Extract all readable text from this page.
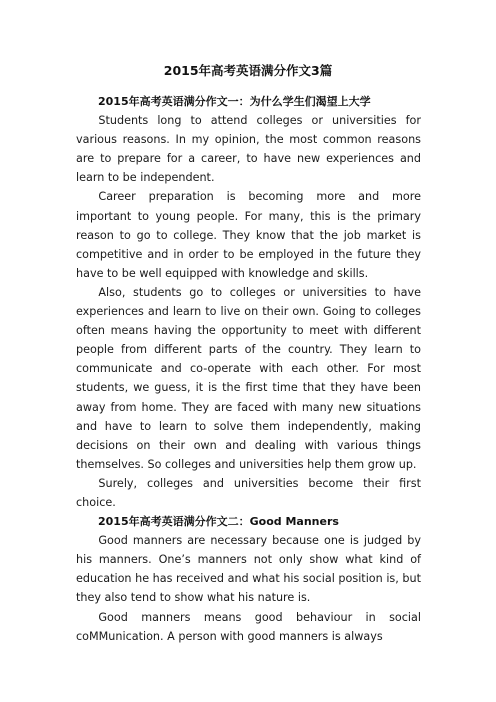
2015年高考英语满分作文3篇

2015年高考英语满分作文一：为什么学生们渴望上大学

Students long to attend colleges or universities for various reasons. In my opinion, the most common reasons are to prepare for a career, to have new experiences and learn to be independent.

Career preparation is becoming more and more important to young people. For many, this is the primary reason to go to college. They know that the job market is competitive and in order to be employed in the future they have to be well equipped with knowledge and skills.

Also, students go to colleges or universities to have experiences and learn to live on their own. Going to colleges often means having the opportunity to meet with different people from different parts of the country. They learn to communicate and co-operate with each other. For most students, we guess, it is the first time that they have been away from home. They are faced with many new situations and have to learn to solve them independently, making decisions on their own and dealing with various things themselves. So colleges and universities help them grow up.

Surely, colleges and universities become their first choice.

2015年高考英语满分作文二：Good Manners

Good manners are necessary because one is judged by his manners. One’s manners not only show what kind of education he has received and what his social position is, but they also tend to show what his nature is.

Good manners means good behaviour in social coMMunication. A person with good manners is always
